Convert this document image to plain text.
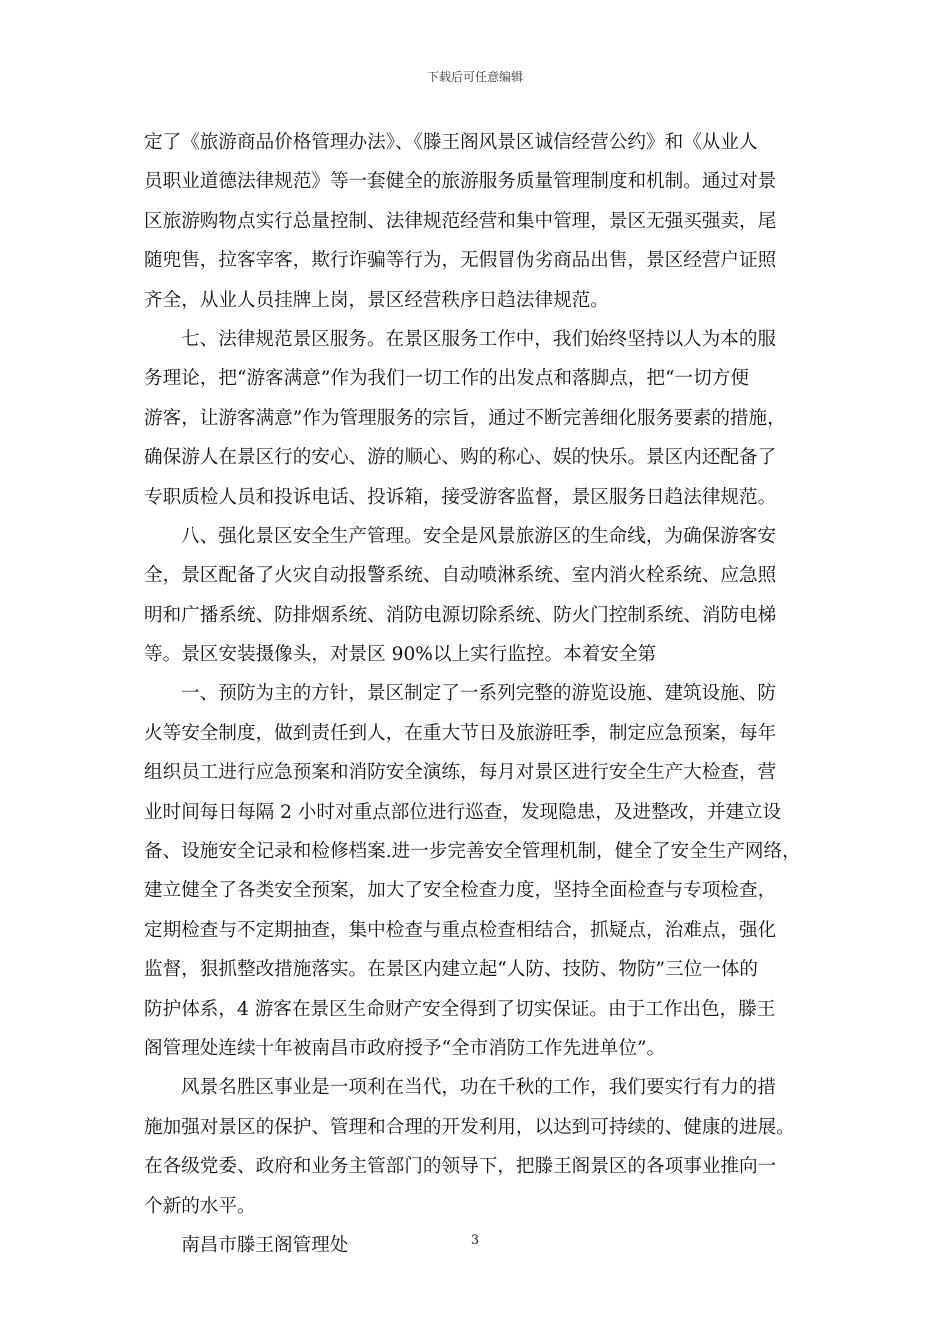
下载后可任意编辑
定了《旅游商品价格管理办法》、《滕王阁风景区诚信经营公约》和《从业人
员职业道德法律规范》等一套健全的旅游服务质量管理制度和机制。通过对景
区旅游购物点实行总量控制、法律规范经营和集中管理，景区无强买强卖，尾
随兜售，拉客宰客，欺行诈骗等行为，无假冒伪劣商品出售，景区经营户证照
齐全，从业人员挂牌上岗，景区经营秩序日趋法律规范。
七、法律规范景区服务。在景区服务工作中，我们始终坚持以人为本的服
务理论，把“游客满意”作为我们一切工作的出发点和落脚点，把“一切方便
游客，让游客满意”作为管理服务的宗旨，通过不断完善细化服务要素的措施，
确保游人在景区行的安心、游的顺心、购的称心、娱的快乐。景区内还配备了
专职质检人员和投诉电话、投诉箱，接受游客监督，景区服务日趋法律规范。
八、强化景区安全生产管理。安全是风景旅游区的生命线，为确保游客安
全，景区配备了火灾自动报警系统、自动喷淋系统、室内消火栓系统、应急照
明和广播系统、防排烟系统、消防电源切除系统、防火门控制系统、消防电梯
等。景区安装摄像头，对景区 90%以上实行监控。本着安全第
一、预防为主的方针，景区制定了一系列完整的游览设施、建筑设施、防
火等安全制度，做到责任到人，在重大节日及旅游旺季，制定应急预案，每年
组织员工进行应急预案和消防安全演练，每月对景区进行安全生产大检查，营
业时间每日每隔 2 小时对重点部位进行巡查，发现隐患，及进整改，并建立设
备、设施安全记录和检修档案.进一步完善安全管理机制，健全了安全生产网络，
建立健全了各类安全预案，加大了安全检查力度，坚持全面检查与专项检查，
定期检查与不定期抽查，集中检查与重点检查相结合，抓疑点，治难点，强化
监督，狠抓整改措施落实。在景区内建立起“人防、技防、物防”三位一体的
防护体系，4 游客在景区生命财产安全得到了切实保证。由于工作出色，滕王
阁管理处连续十年被南昌市政府授予“全市消防工作先进单位”。
风景名胜区事业是一项利在当代，功在千秋的工作，我们要实行有力的措
施加强对景区的保护、管理和合理的开发利用，以达到可持续的、健康的进展。
在各级党委、政府和业务主管部门的领导下，把滕王阁景区的各项事业推向一
个新的水平。
南昌市滕王阁管理处	3
